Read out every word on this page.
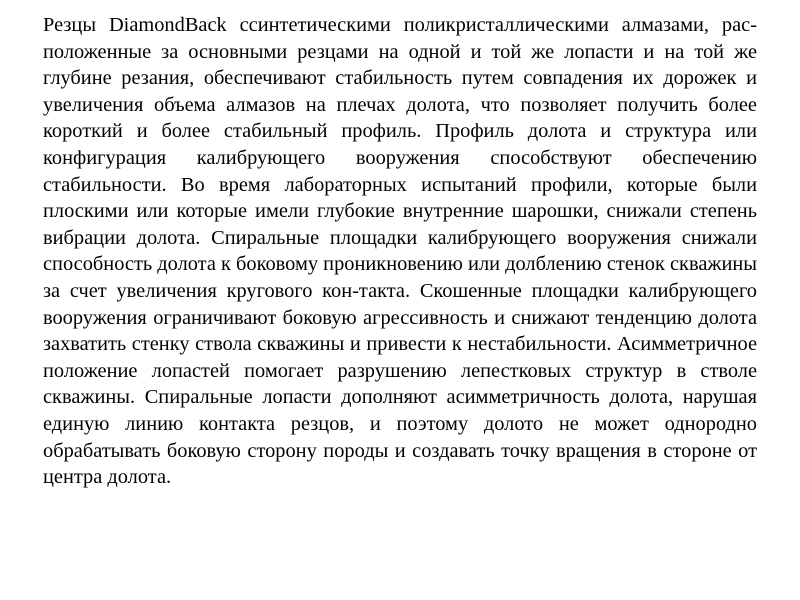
Резцы DiamondBack ссинтетическими поликристаллическими алмазами, рас-положенные за основными резцами на одной и той же лопасти и на той же глубине резания, обеспечивают стабильность путем совпадения их дорожек и увеличения объема алмазов на плечах долота, что позволяет получить более короткий и более стабильный профиль. Профиль долота и структура или конфигурация калибрующего вооружения способствуют обеспечению стабильности. Во время лабораторных испытаний профили, которые были плоскими или которые имели глубокие внутренние шарошки, снижали степень вибрации долота. Спиральные площадки калибрующего вооружения снижали способность долота к боковому проникновению или долблению стенок скважины за счет увеличения кругового кон-такта. Скошенные площадки калибрующего вооружения ограничивают боковую агрессивность и снижают тенденцию долота захватить стенку ствола скважины и привести к нестабильности. Асимметричное положение лопастей помогает разрушению лепестковых структур в стволе скважины. Спиральные лопасти дополняют асимметричность долота, нарушая единую линию контакта резцов, и поэтому долото не может однородно обрабатывать боковую сторону породы и создавать точку вращения в стороне от центра долота.
